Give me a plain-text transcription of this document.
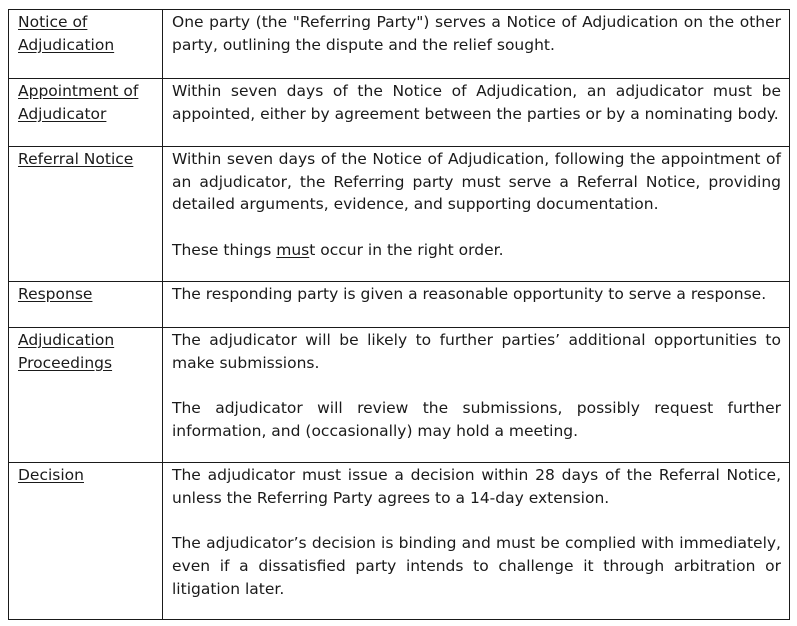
Notice of Adjudication	One party (the "Referring Party") serves a Notice of Adjudication on the other party, outlining the dispute and the relief sought.

Appointment of Adjudicator	Within seven days of the Notice of Adjudication, an adjudicator must be appointed, either by agreement between the parties or by a nominating body.

Referral Notice	Within seven days of the Notice of Adjudication, following the appointment of an adjudicator, the Referring party must serve a Referral Notice, providing detailed arguments, evidence, and supporting documentation.

These things must occur in the right order.

Response	The responding party is given a reasonable opportunity to serve a response.

Adjudication Proceedings	The adjudicator will be likely to further parties’ additional opportunities to make submissions.

The adjudicator will review the submissions, possibly request further information, and (occasionally) may hold a meeting.

Decision	The adjudicator must issue a decision within 28 days of the Referral Notice, unless the Referring Party agrees to a 14-day extension.

The adjudicator’s decision is binding and must be complied with immediately, even if a dissatisfied party intends to challenge it through arbitration or litigation later.
